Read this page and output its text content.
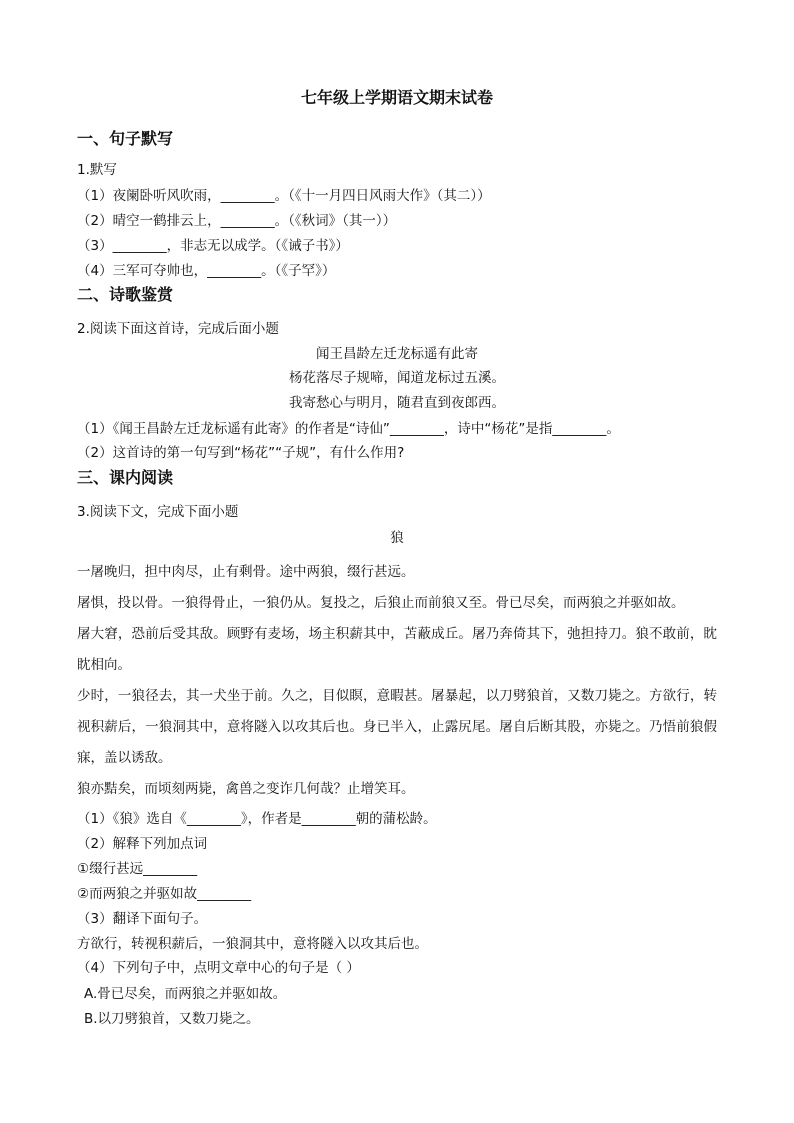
七年级上学期语文期末试卷
一、句子默写
1.默写
（1）夜阑卧听风吹雨，________。（《十一月四日风雨大作》（其二））
（2）晴空一鹤排云上，________。（《秋词》（其一））
（3）________，非志无以成学。（《诫子书》）
（4）三军可夺帅也，________。（《子罕》）
二、诗歌鉴赏
2.阅读下面这首诗，完成后面小题
闻王昌龄左迁龙标遥有此寄
杨花落尽子规啼，闻道龙标过五溪。
我寄愁心与明月，随君直到夜郎西。
（1）《闻王昌龄左迁龙标遥有此寄》的作者是“诗仙”________，诗中“杨花”是指________。
（2）这首诗的第一句写到“杨花”“子规”，有什么作用?
三、课内阅读
3.阅读下文，完成下面小题
狼
一屠晚归，担中肉尽，止有剩骨。途中两狼，缀行甚远。
屠惧，投以骨。一狼得骨止，一狼仍从。复投之，后狼止而前狼又至。骨已尽矣，而两狼之并驱如故。
屠大窘，恐前后受其敌。顾野有麦场，场主积薪其中，苫蔽成丘。屠乃奔倚其下，弛担持刀。狼不敢前，眈眈相向。
少时，一狼径去，其一犬坐于前。久之，目似瞑，意暇甚。屠暴起，以刀劈狼首，又数刀毙之。方欲行，转视积薪后，一狼洞其中，意将隧入以攻其后也。身已半入，止露尻尾。屠自后断其股，亦毙之。乃悟前狼假寐，盖以诱敌。
狼亦黠矣，而顷刻两毙，禽兽之变诈几何哉？止增笑耳。
（1）《狼》选自《________》，作者是________朝的蒲松龄。
（2）解释下列加点词
①缀行甚远________
②而两狼之并驱如故________
（3）翻译下面句子。
方欲行，转视积薪后，一狼洞其中，意将隧入以攻其后也。
（4）下列句子中，点明文章中心的句子是（ ）
A.骨已尽矣，而两狼之并驱如故。
B.以刀劈狼首，又数刀毙之。
